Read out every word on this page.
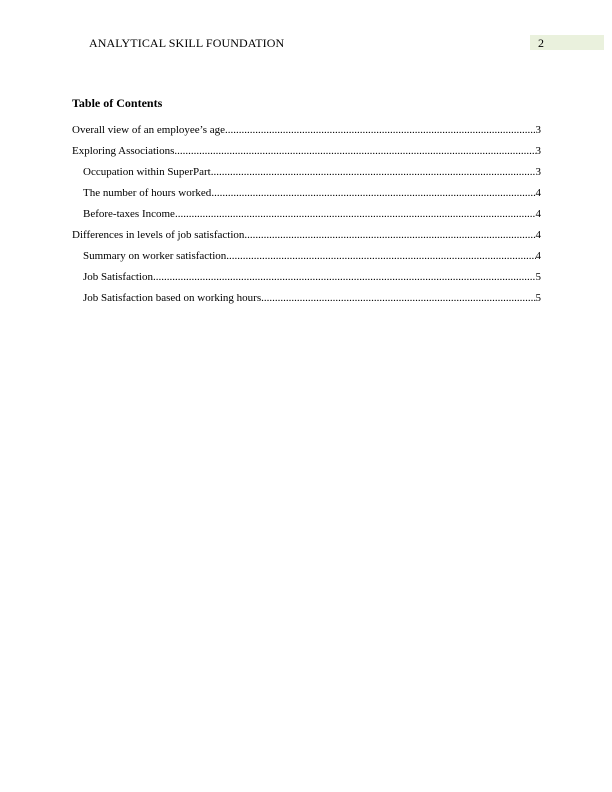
ANALYTICAL SKILL FOUNDATION	2
Table of Contents
Overall view of an employee’s age .....	3
Exploring Associations .....	3
Occupation within SuperPart .....	3
The number of hours worked .....	4
Before-taxes Income .....	4
Differences in levels of job satisfaction .....	4
Summary on worker satisfaction .....	4
Job Satisfaction .....	5
Job Satisfaction based on working hours .....	5
